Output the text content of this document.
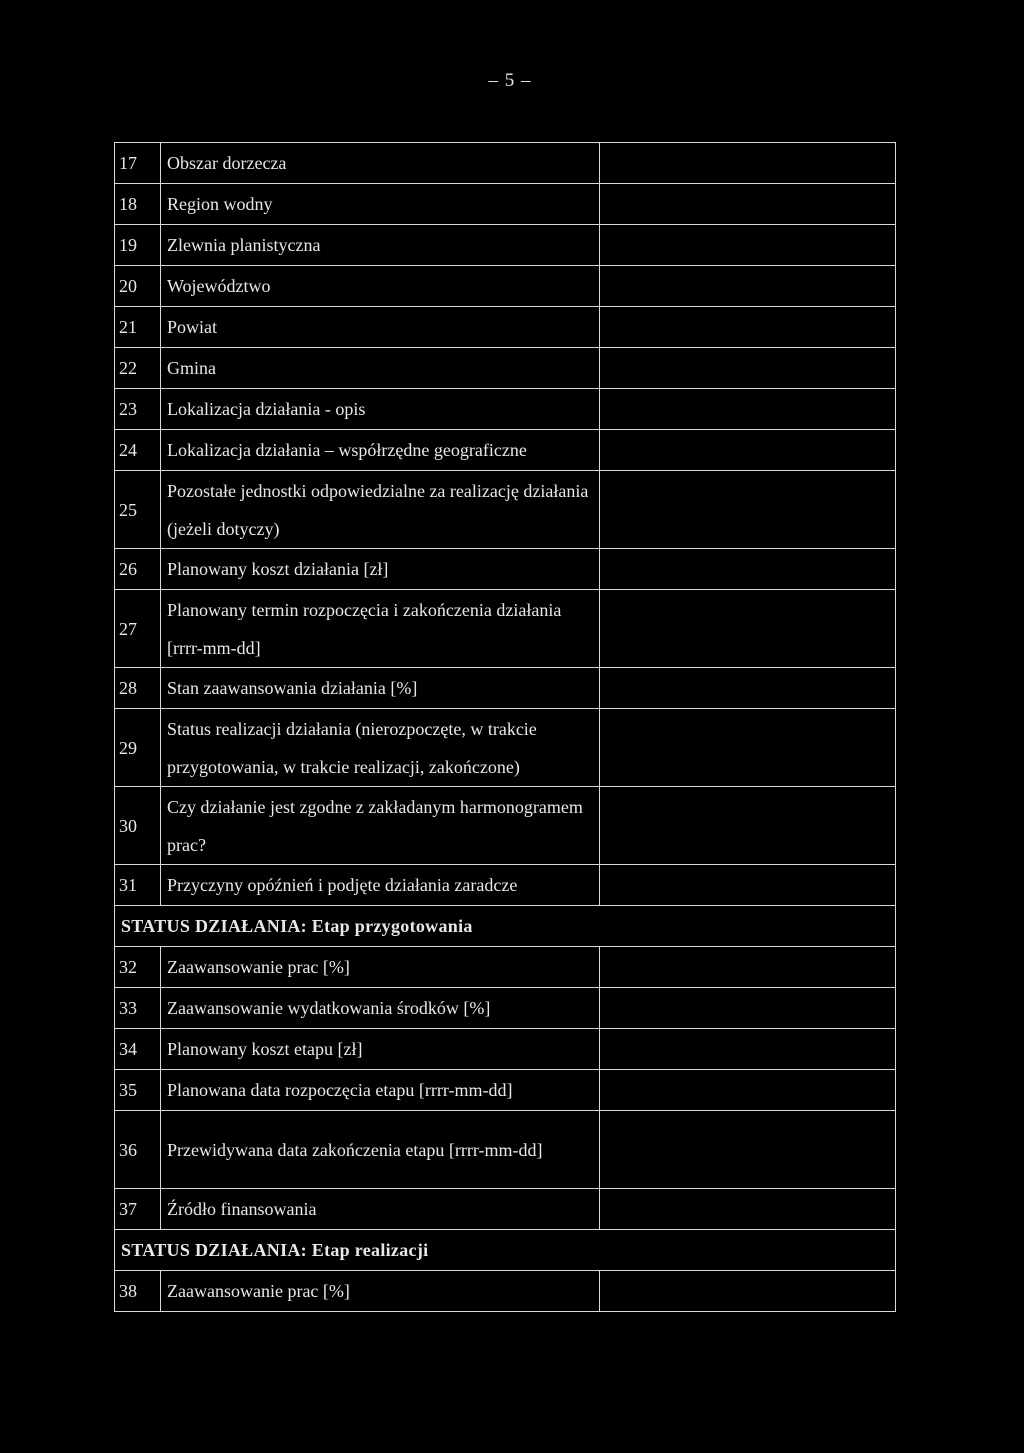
– 5 –
17	Obszar dorzecza	
18	Region wodny	
19	Zlewnia planistyczna	
20	Województwo	
21	Powiat	
22	Gmina	
23	Lokalizacja działania - opis	
24	Lokalizacja działania – współrzędne geograficzne	
25	Pozostałe jednostki odpowiedzialne za realizację działania (jeżeli dotyczy)	
26	Planowany koszt działania [zł]	
27	Planowany termin rozpoczęcia i zakończenia działania [rrrr-mm-dd]	
28	Stan zaawansowania działania [%]	
29	Status realizacji działania (nierozpoczęte, w trakcie przygotowania, w trakcie realizacji, zakończone)	
30	Czy działanie jest zgodne z zakładanym harmonogramem prac?	
31	Przyczyny opóźnień i podjęte działania zaradcze	
STATUS DZIAŁANIA: Etap przygotowania		
32	Zaawansowanie prac [%]	
33	Zaawansowanie wydatkowania środków [%]	
34	Planowany koszt etapu [zł]	
35	Planowana data rozpoczęcia etapu [rrrr-mm-dd]	
36	Przewidywana data zakończenia etapu [rrrr-mm-dd]	
37	Źródło finansowania	
STATUS DZIAŁANIA: Etap realizacji		
38	Zaawansowanie prac [%]	
